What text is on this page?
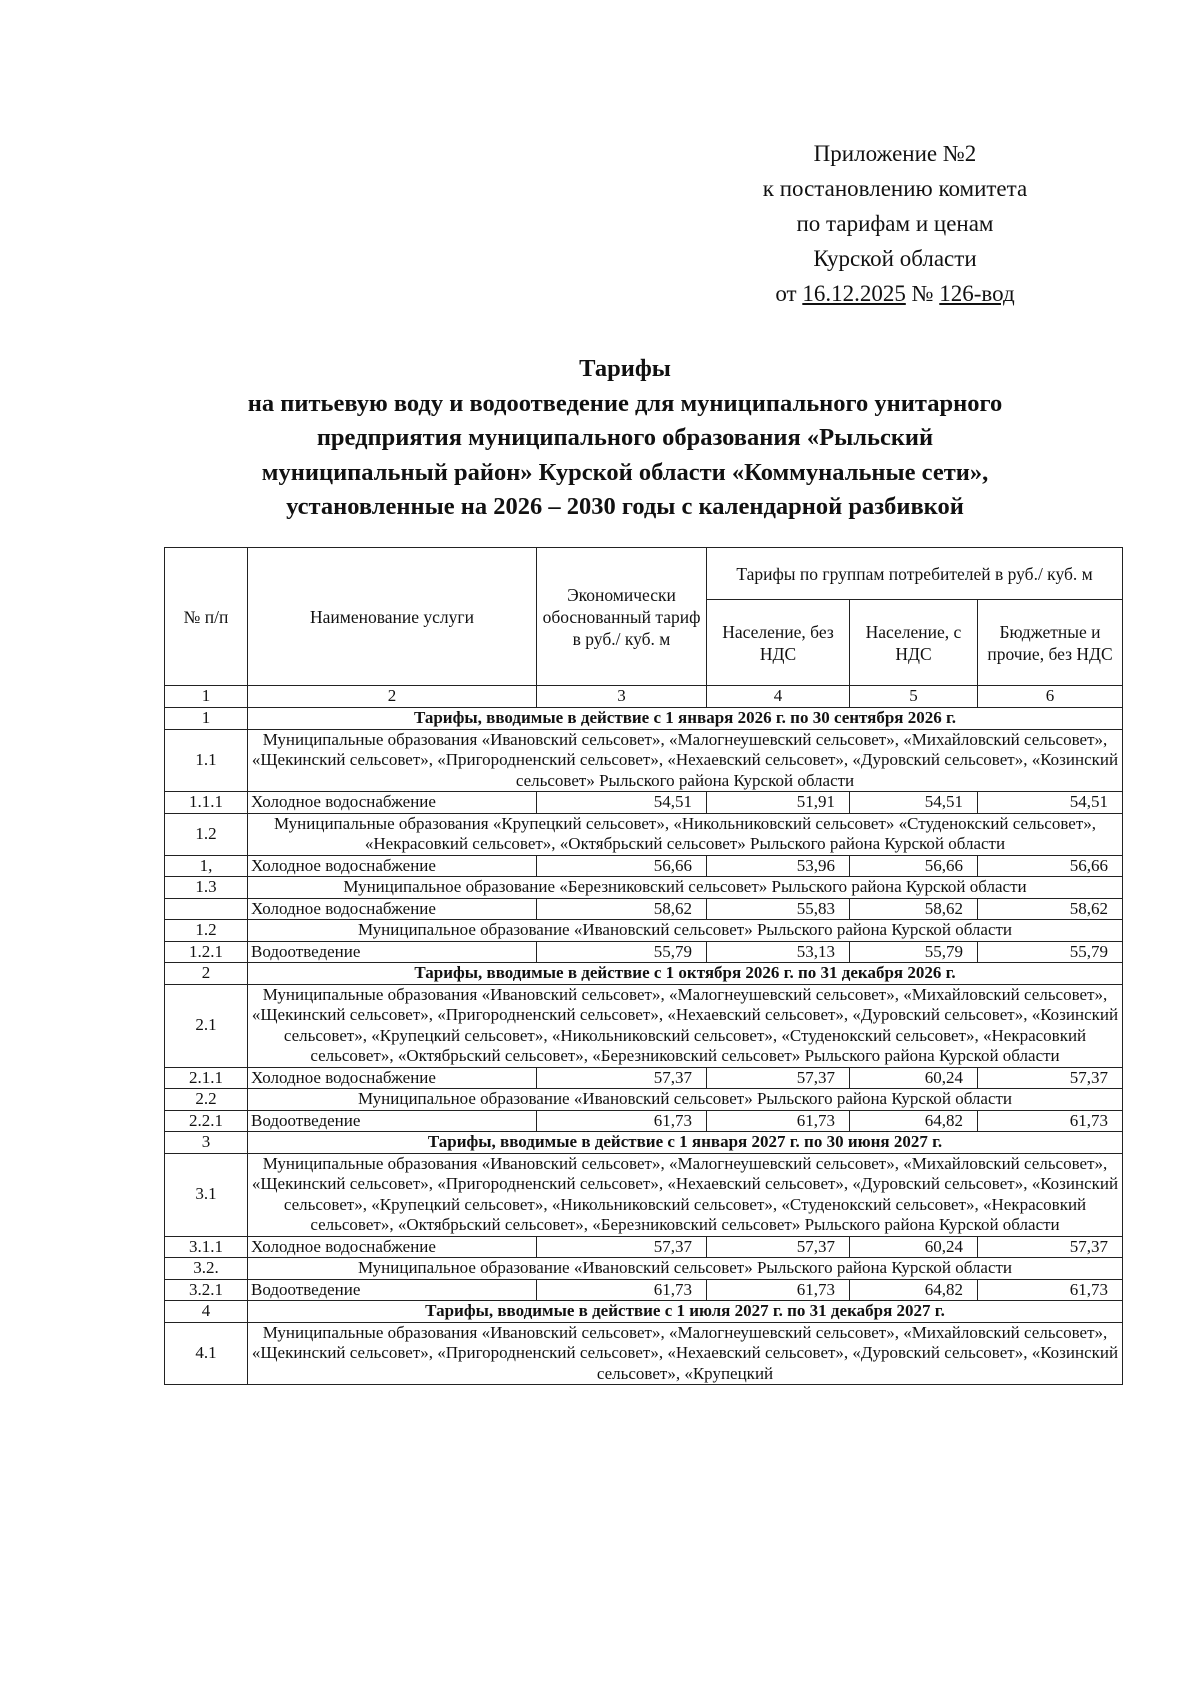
Приложение №2
к постановлению комитета
по тарифам и ценам
Курской области
от 16.12.2025 № 126-вод
Тарифы
на питьевую воду и водоотведение для муниципального унитарного
предприятия муниципального образования «Рыльский
муниципальный район» Курской области «Коммунальные сети»,
установленные на 2026 – 2030 годы с календарной разбивкой
№ п/п	Наименование услуги	Экономически обоснованный тариф в руб./ куб. м	Тарифы по группам потребителей в руб./ куб. м		
			Население, без НДС	Население, с НДС	Бюджетные и прочие, без НДС
1	2	3	4	5	6
1	Тарифы, вводимые в действие с 1 января 2026 г. по 30 сентября 2026 г.				
1.1	Муниципальные образования «Ивановский сельсовет», «Малогнеушевский сельсовет», «Михайловский сельсовет», «Щекинский сельсовет», «Пригородненский сельсовет», «Нехаевский сельсовет», «Дуровский сельсовет», «Козинский сельсовет» Рыльского района Курской области				
1.1.1	Холодное водоснабжение	54,51	51,91	54,51	54,51
1.2	Муниципальные образования «Крупецкий сельсовет», «Никольниковский сельсовет» «Студенокский сельсовет», «Некрасовкий сельсовет», «Октябрьский сельсовет» Рыльского района Курской области				
1,	Холодное водоснабжение	56,66	53,96	56,66	56,66
1.3	Муниципальное образование «Березниковский сельсовет» Рыльского района Курской области				
	Холодное водоснабжение	58,62	55,83	58,62	58,62
1.2	Муниципальное образование «Ивановский сельсовет» Рыльского района Курской области				
1.2.1	Водоотведение	55,79	53,13	55,79	55,79
2	Тарифы, вводимые в действие с 1 октября 2026 г. по 31 декабря 2026 г.				
2.1	Муниципальные образования «Ивановский сельсовет», «Малогнеушевский сельсовет», «Михайловский сельсовет», «Щекинский сельсовет», «Пригородненский сельсовет», «Нехаевский сельсовет», «Дуровский сельсовет», «Козинский сельсовет», «Крупецкий сельсовет», «Никольниковский сельсовет», «Студенокский сельсовет», «Некрасовкий сельсовет», «Октябрьский сельсовет», «Березниковский сельсовет» Рыльского района Курской области				
2.1.1	Холодное водоснабжение	57,37	57,37	60,24	57,37
2.2	Муниципальное образование «Ивановский сельсовет» Рыльского района Курской области				
2.2.1	Водоотведение	61,73	61,73	64,82	61,73
3	Тарифы, вводимые в действие с 1 января 2027 г. по 30 июня 2027 г.				
3.1	Муниципальные образования «Ивановский сельсовет», «Малогнеушевский сельсовет», «Михайловский сельсовет», «Щекинский сельсовет», «Пригородненский сельсовет», «Нехаевский сельсовет», «Дуровский сельсовет», «Козинский сельсовет», «Крупецкий сельсовет», «Никольниковский сельсовет», «Студенокский сельсовет», «Некрасовкий сельсовет», «Октябрьский сельсовет», «Березниковский сельсовет» Рыльского района Курской области				
3.1.1	Холодное водоснабжение	57,37	57,37	60,24	57,37
3.2.	Муниципальное образование «Ивановский сельсовет» Рыльского района Курской области				
3.2.1	Водоотведение	61,73	61,73	64,82	61,73
4	Тарифы, вводимые в действие с 1 июля 2027 г. по 31 декабря 2027 г.				
4.1	Муниципальные образования «Ивановский сельсовет», «Малогнеушевский сельсовет», «Михайловский сельсовет», «Щекинский сельсовет», «Пригородненский сельсовет», «Нехаевский сельсовет», «Дуровский сельсовет», «Козинский сельсовет», «Крупецкий				
